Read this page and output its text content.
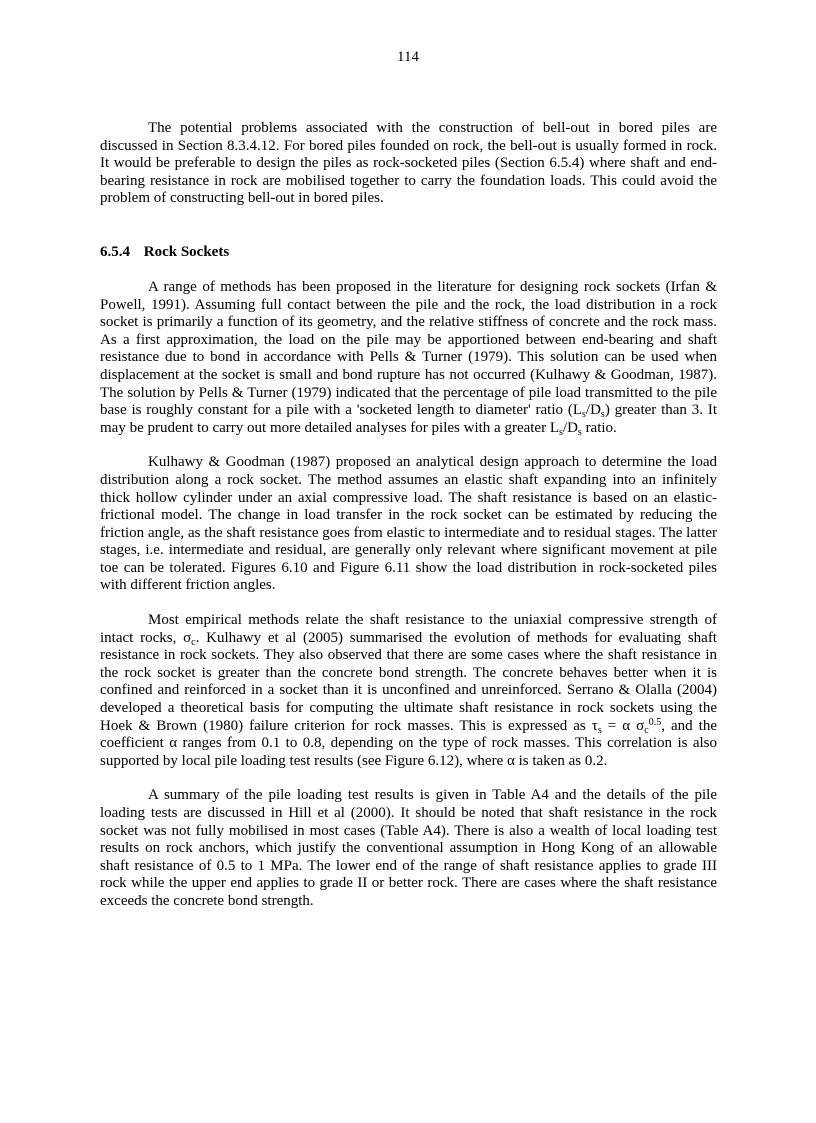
114

The potential problems associated with the construction of bell-out in bored piles are discussed in Section 8.3.4.12. For bored piles founded on rock, the bell-out is usually formed in rock. It would be preferable to design the piles as rock-socketed piles (Section 6.5.4) where shaft and end-bearing resistance in rock are mobilised together to carry the foundation loads. This could avoid the problem of constructing bell-out in bored piles.

6.5.4 Rock Sockets

A range of methods has been proposed in the literature for designing rock sockets (Irfan & Powell, 1991). Assuming full contact between the pile and the rock, the load distribution in a rock socket is primarily a function of its geometry, and the relative stiffness of concrete and the rock mass. As a first approximation, the load on the pile may be apportioned between end-bearing and shaft resistance due to bond in accordance with Pells & Turner (1979). This solution can be used when displacement at the socket is small and bond rupture has not occurred (Kulhawy & Goodman, 1987). The solution by Pells & Turner (1979) indicated that the percentage of pile load transmitted to the pile base is roughly constant for a pile with a 'socketed length to diameter' ratio $(L_s/D_s)$ greater than 3. It may be prudent to carry out more detailed analyses for piles with a greater $L_s/D_s$ ratio.

Kulhawy & Goodman (1987) proposed an analytical design approach to determine the load distribution along a rock socket. The method assumes an elastic shaft expanding into an infinitely thick hollow cylinder under an axial compressive load. The shaft resistance is based on an elastic-frictional model. The change in load transfer in the rock socket can be estimated by reducing the friction angle, as the shaft resistance goes from elastic to intermediate and to residual stages. The latter stages, i.e. intermediate and residual, are generally only relevant where significant movement at pile toe can be tolerated. Figures 6.10 and Figure 6.11 show the load distribution in rock-socketed piles with different friction angles.

Most empirical methods relate the shaft resistance to the uniaxial compressive strength of intact rocks, $\sigma_c$. Kulhawy et al (2005) summarised the evolution of methods for evaluating shaft resistance in rock sockets. They also observed that there are some cases where the shaft resistance in the rock socket is greater than the concrete bond strength. The concrete behaves better when it is confined and reinforced in a socket than it is unconfined and unreinforced. Serrano & Olalla (2004) developed a theoretical basis for computing the ultimate shaft resistance in rock sockets using the Hoek & Brown (1980) failure criterion for rock masses. This is expressed as $\tau_s = \alpha$ $\sigma_c^{0.5}$, and the coefficient α ranges from 0.1 to 0.8, depending on the type of rock masses. This correlation is also supported by local pile loading test results (see Figure 6.12), where α is taken as 0.2.

A summary of the pile loading test results is given in Table A4 and the details of the pile loading tests are discussed in Hill et al (2000). It should be noted that shaft resistance in the rock socket was not fully mobilised in most cases (Table A4). There is also a wealth of local loading test results on rock anchors, which justify the conventional assumption in Hong Kong of an allowable shaft resistance of 0.5 to 1 MPa. The lower end of the range of shaft resistance applies to grade III rock while the upper end applies to grade II or better rock. There are cases where the shaft resistance exceeds the concrete bond strength.
